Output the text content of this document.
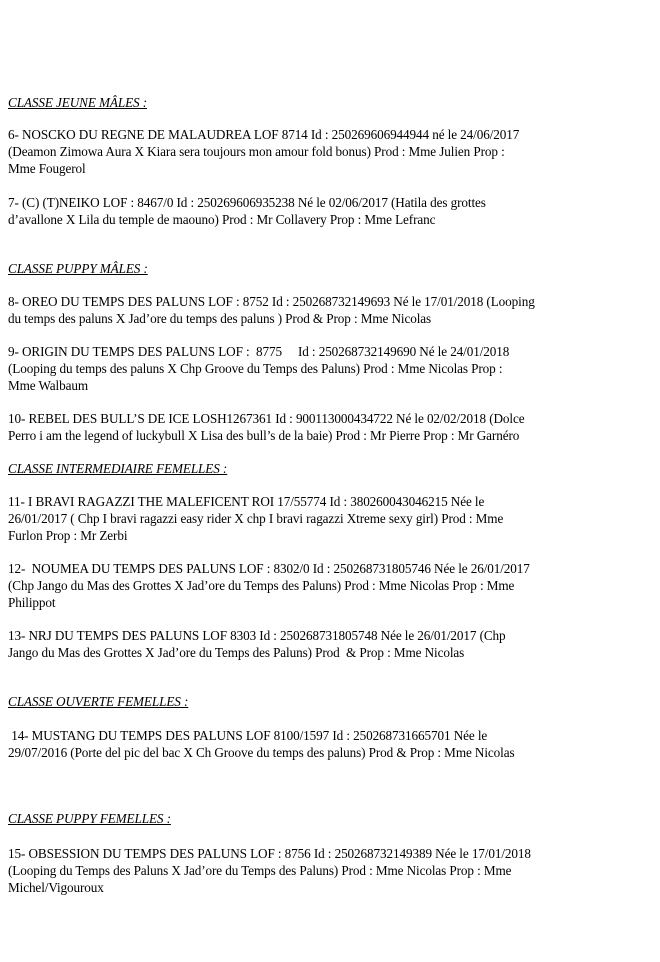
CLASSE JEUNE MÂLES :
6- NOSCKO DU REGNE DE MALAUDREA LOF 8714 Id : 250269606944944 né le 24/06/2017
(Deamon Zimowa Aura X Kiara sera toujours mon amour fold bonus) Prod : Mme Julien Prop :
Mme Fougerol
7- (C) (T)NEIKO LOF : 8467/0 Id : 250269606935238 Né le 02/06/2017 (Hatila des grottes
d’avallone X Lila du temple de maouno) Prod : Mr Collavery Prop : Mme Lefranc
CLASSE PUPPY MÂLES :
8- OREO DU TEMPS DES PALUNS LOF : 8752 Id : 250268732149693 Né le 17/01/2018 (Looping
du temps des paluns X Jad’ore du temps des paluns ) Prod & Prop : Mme Nicolas
9- ORIGIN DU TEMPS DES PALUNS LOF :  8775     Id : 250268732149690 Né le 24/01/2018
(Looping du temps des paluns X Chp Groove du Temps des Paluns) Prod : Mme Nicolas Prop :
Mme Walbaum
10- REBEL DES BULL’S DE ICE LOSH1267361 Id : 900113000434722 Né le 02/02/2018 (Dolce
Perro i am the legend of luckybull X Lisa des bull’s de la baie) Prod : Mr Pierre Prop : Mr Garnéro
CLASSE INTERMEDIAIRE FEMELLES :
11- I BRAVI RAGAZZI THE MALEFICENT ROI 17/55774 Id : 380260043046215 Née le
26/01/2017 ( Chp I bravi ragazzi easy rider X chp I bravi ragazzi Xtreme sexy girl) Prod : Mme
Furlon Prop : Mr Zerbi
12-  NOUMEA DU TEMPS DES PALUNS LOF : 8302/0 Id : 250268731805746 Née le 26/01/2017
(Chp Jango du Mas des Grottes X Jad’ore du Temps des Paluns) Prod : Mme Nicolas Prop : Mme
Philippot
13- NRJ DU TEMPS DES PALUNS LOF 8303 Id : 250268731805748 Née le 26/01/2017 (Chp
Jango du Mas des Grottes X Jad’ore du Temps des Paluns) Prod  & Prop : Mme Nicolas
CLASSE OUVERTE FEMELLES :
14- MUSTANG DU TEMPS DES PALUNS LOF 8100/1597 Id : 250268731665701 Née le
29/07/2016 (Porte del pic del bac X Ch Groove du temps des paluns) Prod & Prop : Mme Nicolas
CLASSE PUPPY FEMELLES :
15- OBSESSION DU TEMPS DES PALUNS LOF : 8756 Id : 250268732149389 Née le 17/01/2018
(Looping du Temps des Paluns X Jad’ore du Temps des Paluns) Prod : Mme Nicolas Prop : Mme
Michel/Vigouroux
